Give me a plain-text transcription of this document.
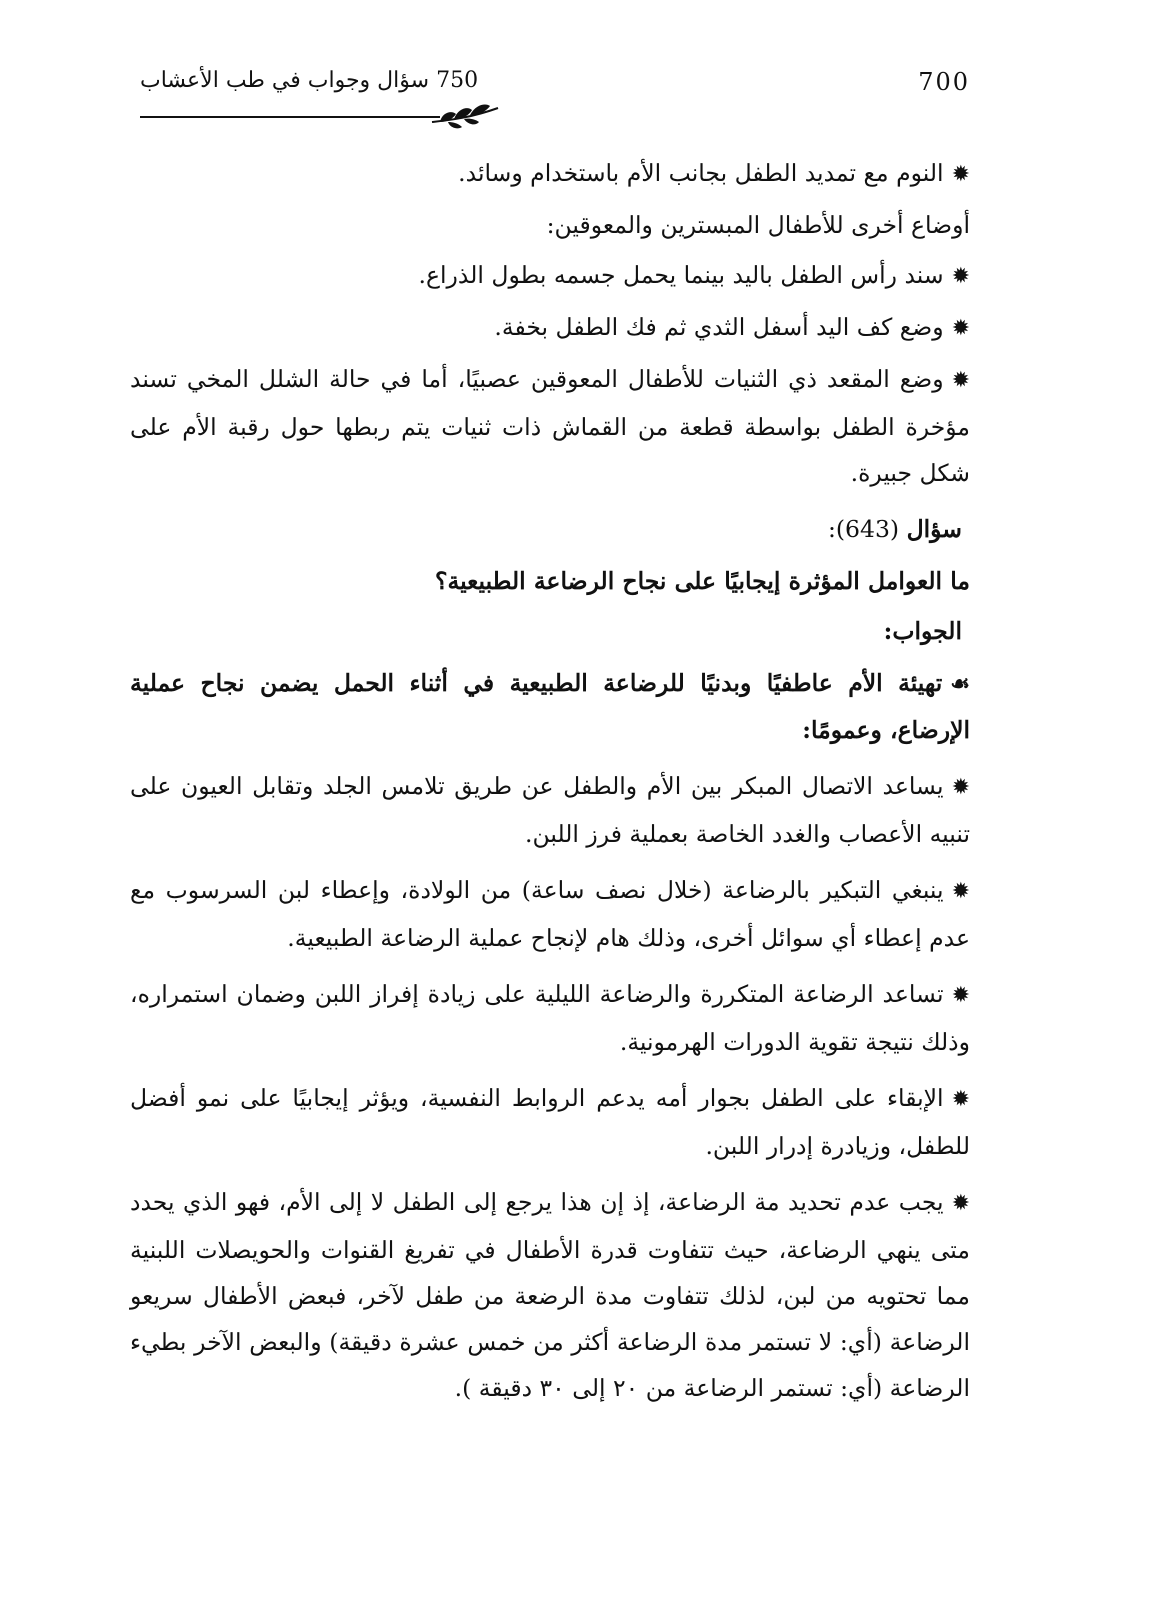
700
750 سؤال وجواب في طب الأعشاب

✹النوم مع تمديد الطفل بجانب الأم باستخدام وسائد.

أوضاع أخرى للأطفال المبسترين والمعوقين:

✹سند رأس الطفل باليد بينما يحمل جسمه بطول الذراع.

✹وضع كف اليد أسفل الثدي ثم فك الطفل بخفة.

✹وضع المقعد ذي الثنيات للأطفال المعوقين عصبيًا، أما في حالة الشلل المخي تسند مؤخرة الطفل بواسطة قطعة من القماش ذات ثنيات يتم ربطها حول رقبة الأم على شكل جبيرة.

سؤال (643):

ما العوامل المؤثرة إيجابيًا على نجاح الرضاعة الطبيعية؟

الجواب:

☙تهيئة الأم عاطفيًا وبدنيًا للرضاعة الطبيعية في أثناء الحمل يضمن نجاح عملية الإرضاع، وعمومًا:

✹يساعد الاتصال المبكر بين الأم والطفل عن طريق تلامس الجلد وتقابل العيون على تنبيه الأعصاب والغدد الخاصة بعملية فرز اللبن.

✹ينبغي التبكير بالرضاعة (خلال نصف ساعة) من الولادة، وإعطاء لبن السرسوب مع عدم إعطاء أي سوائل أخرى، وذلك هام لإنجاح عملية الرضاعة الطبيعية.

✹تساعد الرضاعة المتكررة والرضاعة الليلية على زيادة إفراز اللبن وضمان استمراره، وذلك نتيجة تقوية الدورات الهرمونية.

✹الإبقاء على الطفل بجوار أمه يدعم الروابط النفسية، ويؤثر إيجابيًا على نمو أفضل للطفل، وزيادرة إدرار اللبن.

✹يجب عدم تحديد مة الرضاعة، إذ إن هذا يرجع إلى الطفل لا إلى الأم، فهو الذي يحدد متى ينهي الرضاعة، حيث تتفاوت قدرة الأطفال في تفريغ القنوات والحويصلات اللبنية مما تحتويه من لبن، لذلك تتفاوت مدة الرضعة من طفل لآخر، فبعض الأطفال سريعو الرضاعة (أي: لا تستمر مدة الرضاعة أكثر من خمس عشرة دقيقة) والبعض الآخر بطيء الرضاعة (أي: تستمر الرضاعة من ٢٠ إلى ٣٠ دقيقة ).
